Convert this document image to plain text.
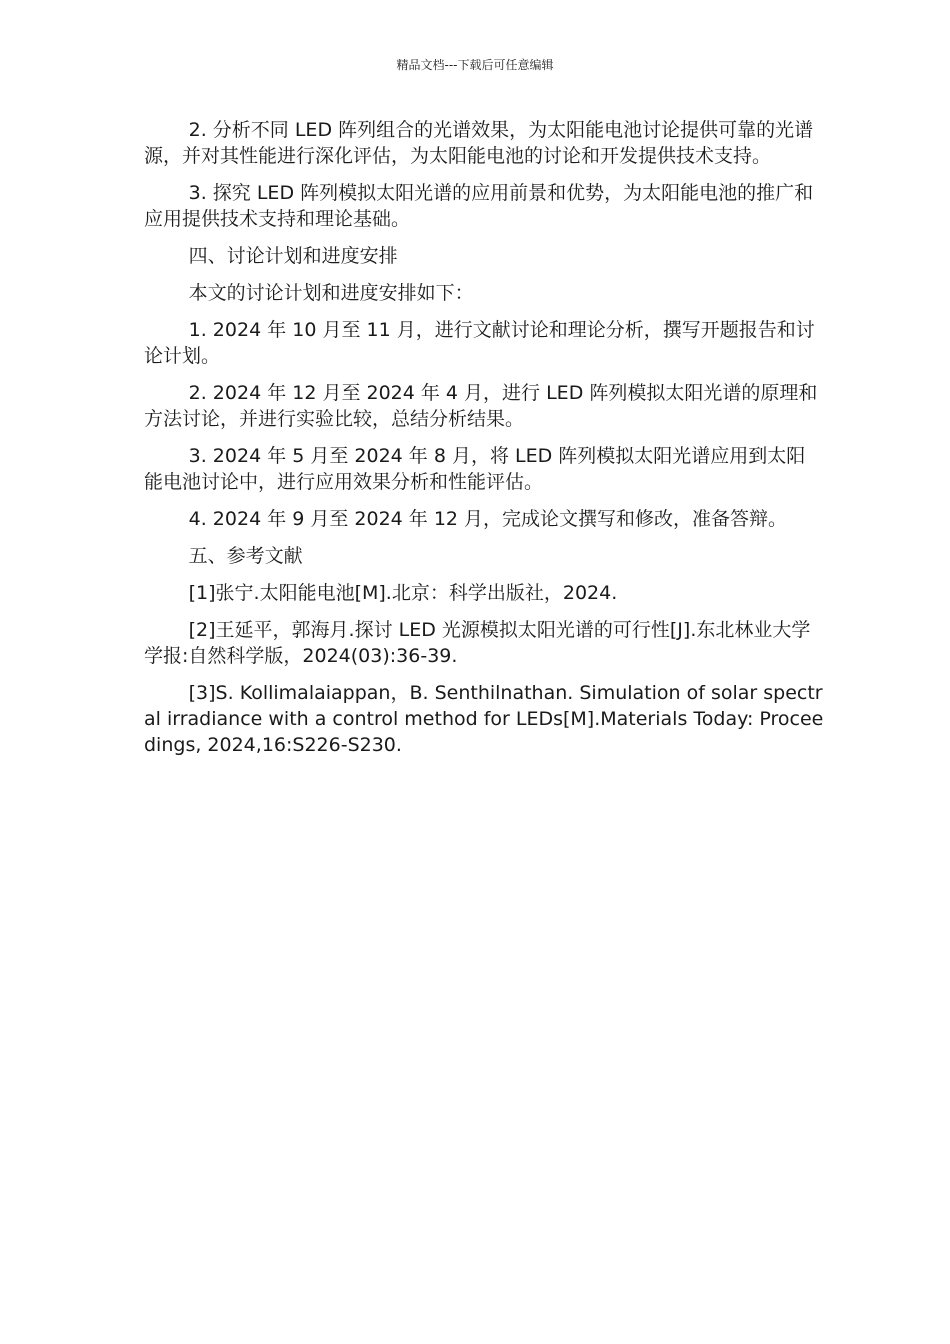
精品文档---下载后可任意编辑

2. 分析不同 LED 阵列组合的光谱效果，为太阳能电池讨论提供可靠的光谱源，并对其性能进行深化评估，为太阳能电池的讨论和开发提供技术支持。

3. 探究 LED 阵列模拟太阳光谱的应用前景和优势，为太阳能电池的推广和应用提供技术支持和理论基础。

四、讨论计划和进度安排

本文的讨论计划和进度安排如下：

1. 2024 年 10 月至 11 月，进行文献讨论和理论分析，撰写开题报告和讨论计划。

2. 2024 年 12 月至 2024 年 4 月，进行 LED 阵列模拟太阳光谱的原理和方法讨论，并进行实验比较，总结分析结果。

3. 2024 年 5 月至 2024 年 8 月，将 LED 阵列模拟太阳光谱应用到太阳能电池讨论中，进行应用效果分析和性能评估。

4. 2024 年 9 月至 2024 年 12 月，完成论文撰写和修改，准备答辩。

五、参考文献

[1]张宁.太阳能电池[M].北京：科学出版社，2024.

[2]王延平，郭海月.探讨 LED 光源模拟太阳光谱的可行性[J].东北林业大学学报:自然科学版，2024(03):36-39.

[3]S. Kollimalaiappan，B. Senthilnathan. Simulation of solar spectral irradiance with a control method for LEDs[M].Materials Today: Proceedings, 2024,16:S226-S230.
